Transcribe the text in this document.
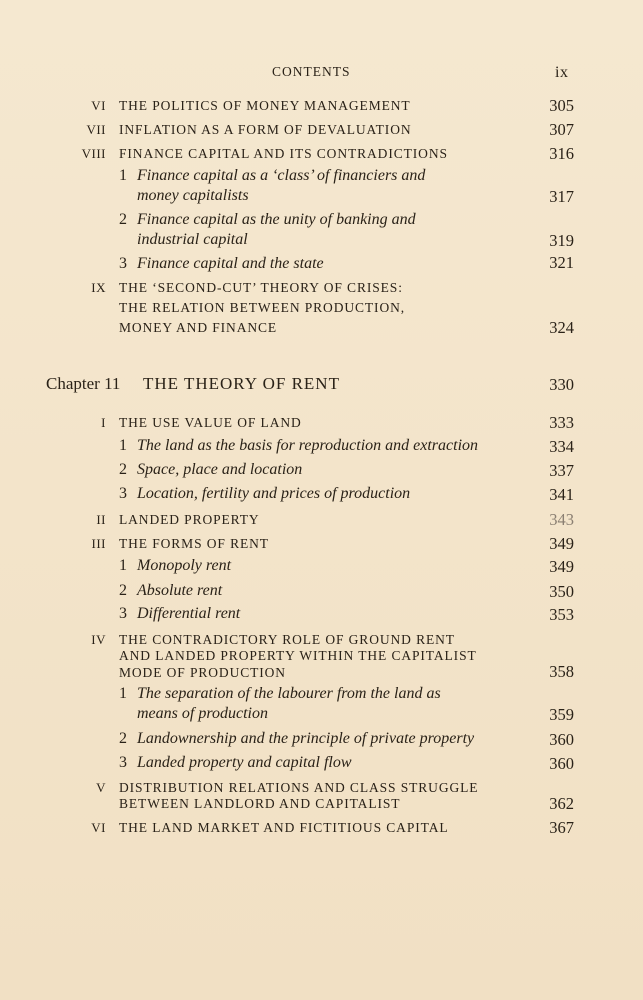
CONTENTS	ix
VI THE POLITICS OF MONEY MANAGEMENT	305
VII INFLATION AS A FORM OF DEVALUATION	307
VIII FINANCE CAPITAL AND ITS CONTRADICTIONS	316
1 Finance capital as a ‘class’ of financiers and
money capitalists	317
2 Finance capital as the unity of banking and
industrial capital	319
3 Finance capital and the state	321
IX THE ‘SECOND-CUT’ THEORY OF CRISES:
THE RELATION BETWEEN PRODUCTION,
MONEY AND FINANCE	324
Chapter 11 THE THEORY OF RENT	330
I THE USE VALUE OF LAND	333
1 The land as the basis for reproduction and extraction	334
2 Space, place and location	337
3 Location, fertility and prices of production	341
II LANDED PROPERTY	343
III THE FORMS OF RENT	349
1 Monopoly rent	349
2 Absolute rent	350
3 Differential rent	353
IV THE CONTRADICTORY ROLE OF GROUND RENT
AND LANDED PROPERTY WITHIN THE CAPITALIST
MODE OF PRODUCTION	358
1 The separation of the labourer from the land as
means of production	359
2 Landownership and the principle of private property	360
3 Landed property and capital flow	360
V DISTRIBUTION RELATIONS AND CLASS STRUGGLE
BETWEEN LANDLORD AND CAPITALIST	362
VI THE LAND MARKET AND FICTITIOUS CAPITAL	367
